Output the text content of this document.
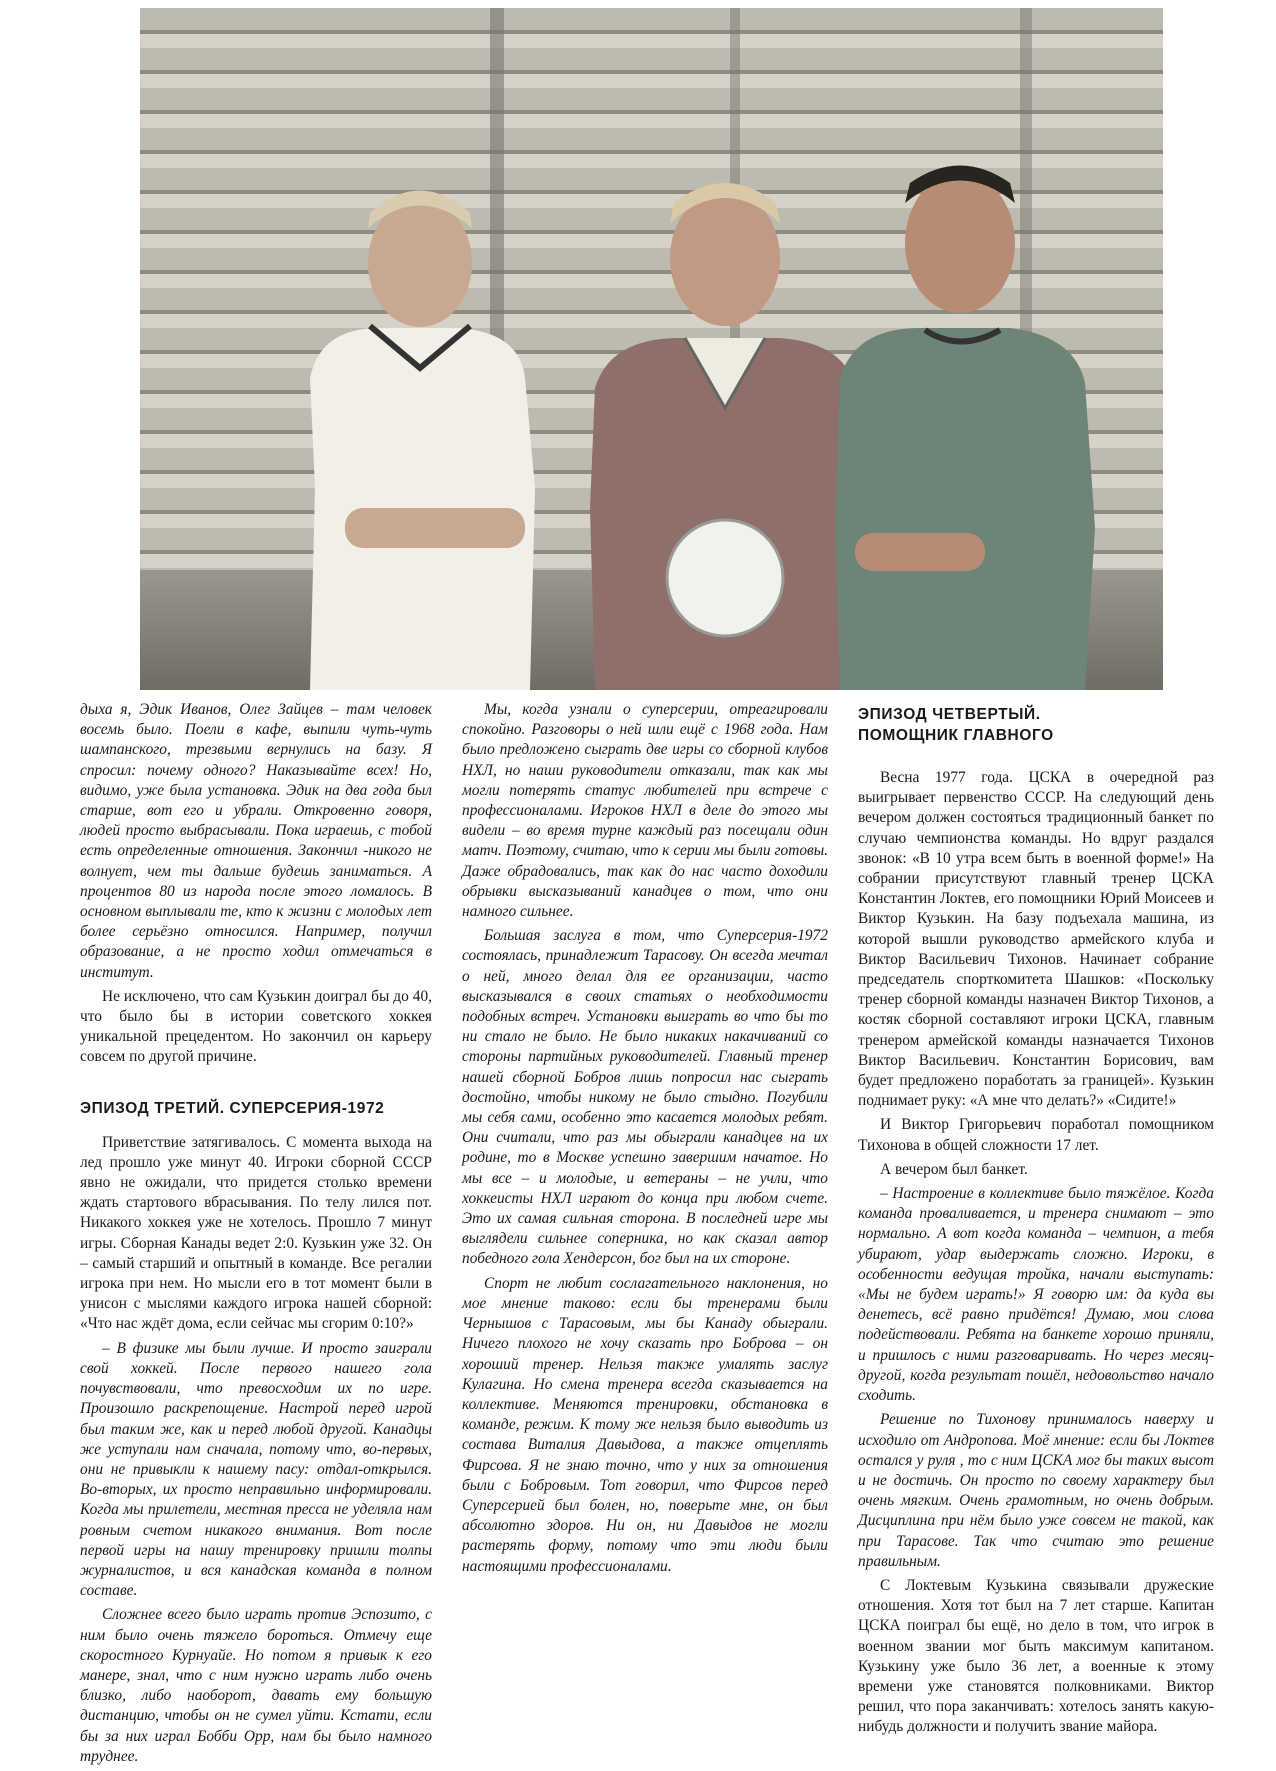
дыха я, Эдик Иванов, Олег Зайцев – там человек восемь было. Поели в кафе, выпили чуть-чуть шампанского, трезвыми вернулись на базу. Я спросил: почему одного? Наказывайте всех! Но, видимо, уже была установка. Эдик на два года был старше, вот его и убрали. Откровенно говоря, людей просто выбрасывали. Пока играешь, с тобой есть определенные отношения. Закончил -никого не волнует, чем ты дальше будешь заниматься. А процентов 80 из народа после этого ломалось. В основном выплывали те, кто к жизни с молодых лет более серьёзно относился. Например, получил образование, а не просто ходил отмечаться в институт.

Не исключено, что сам Кузькин доиграл бы до 40, что было бы в истории советского хоккея уникальной прецедентом. Но закончил он карьеру совсем по другой причине.

ЭПИЗОД ТРЕТИЙ. СУПЕРСЕРИЯ-1972

Приветствие затягивалось. С момента выхода на лед прошло уже минут 40. Игроки сборной СССР явно не ожидали, что придется столько времени ждать стартового вбрасывания. По телу лился пот. Никакого хоккея уже не хотелось. Прошло 7 минут игры. Сборная Канады ведет 2:0. Кузькин уже 32. Он – самый старший и опытный в команде. Все регалии игрока при нем. Но мысли его в тот момент были в унисон с мыслями каждого игрока нашей сборной: «Что нас ждёт дома, если сейчас мы сгорим 0:10?»

– В физике мы были лучше. И просто заиграли свой хоккей. После первого нашего гола почувствовали, что превосходим их по игре. Произошло раскрепощение. Настрой перед игрой был таким же, как и перед любой другой. Канадцы же уступали нам сначала, потому что, во-первых, они не привыкли к нашему пасу: отдал-открылся. Во-вторых, их просто неправильно информировали. Когда мы прилетели, местная пресса не уделяла нам ровным счетом никакого внимания. Вот после первой игры на нашу тренировку пришли толпы журналистов, и вся канадская команда в полном составе.

Сложнее всего было играть против Эспозито, с ним было очень тяжело бороться. Отмечу еще скоростного Курнуайе. Но потом я привык к его манере, знал, что с ним нужно играть либо очень близко, либо наоборот, давать ему большую дистанцию, чтобы он не сумел уйти. Кстати, если бы за них играл Бобби Орр, нам бы было намного труднее.

Мы, когда узнали о суперсерии, отреагировали спокойно. Разговоры о ней шли ещё с 1968 года. Нам было предложено сыграть две игры со сборной клубов НХЛ, но наши руководители отказали, так как мы могли потерять статус любителей при встрече с профессионалами. Игроков НХЛ в деле до этого мы видели – во время турне каждый раз посещали один матч. Поэтому, считаю, что к серии мы были готовы. Даже обрадовались, так как до нас часто доходили обрывки высказываний канадцев о том, что они намного сильнее.

Большая заслуга в том, что Суперсерия-1972 состоялась, принадлежит Тарасову. Он всегда мечтал о ней, много делал для ее организации, часто высказывался в своих статьях о необходимости подобных встреч. Установки выиграть во что бы то ни стало не было. Не было никаких накачиваний со стороны партийных руководителей. Главный тренер нашей сборной Бобров лишь попросил нас сыграть достойно, чтобы никому не было стыдно. Погубили мы себя сами, особенно это касается молодых ребят. Они считали, что раз мы обыграли канадцев на их родине, то в Москве успешно завершим начатое. Но мы все – и молодые, и ветераны – не учли, что хоккеисты НХЛ играют до конца при любом счете. Это их самая сильная сторона. В последней игре мы выглядели сильнее соперника, но как сказал автор победного гола Хендерсон, бог был на их стороне.

Спорт не любит сослагательного наклонения, но мое мнение таково: если бы тренерами были Чернышов с Тарасовым, мы бы Канаду обыграли. Ничего плохого не хочу сказать про Боброва – он хороший тренер. Нельзя также умалять заслуг Кулагина. Но смена тренера всегда сказывается на коллективе. Меняются тренировки, обстановка в команде, режим. К тому же нельзя было выводить из состава Виталия Давыдова, а также отцеплять Фирсова. Я не знаю точно, что у них за отношения были с Бобровым. Тот говорил, что Фирсов перед Суперсерией был болен, но, поверьте мне, он был абсолютно здоров. Ни он, ни Давыдов не могли растерять форму, потому что эти люди были настоящими профессионалами.

ЭПИЗОД ЧЕТВЕРТЫЙ.
ПОМОЩНИК ГЛАВНОГО

Весна 1977 года. ЦСКА в очередной раз выигрывает первенство СССР. На следующий день вечером должен состояться традиционный банкет по случаю чемпионства команды. Но вдруг раздался звонок: «В 10 утра всем быть в военной форме!» На собрании присутствуют главный тренер ЦСКА Константин Локтев, его помощники Юрий Моисеев и Виктор Кузькин. На базу подъехала машина, из которой вышли руководство армейского клуба и Виктор Васильевич Тихонов. Начинает собрание председатель спорткомитета Шашков: «Поскольку тренер сборной команды назначен Виктор Тихонов, а костяк сборной составляют игроки ЦСКА, главным тренером армейской команды назначается Тихонов Виктор Васильевич. Константин Борисович, вам будет предложено поработать за границей». Кузькин поднимает руку: «А мне что делать?» «Сидите!»

И Виктор Григорьевич поработал помощником Тихонова в общей сложности 17 лет.

А вечером был банкет.

– Настроение в коллективе было тяжёлое. Когда команда проваливается, и тренера снимают – это нормально. А вот когда команда – чемпион, а тебя убирают, удар выдержать сложно. Игроки, в особенности ведущая тройка, начали выступать: «Мы не будем играть!» Я говорю им: да куда вы денетесь, всё равно придётся! Думаю, мои слова подействовали. Ребята на банкете хорошо приняли, и пришлось с ними разговаривать. Но через месяц-другой, когда результат пошёл, недовольство начало сходить.

Решение по Тихонову принималось наверху и исходило от Андропова. Моё мнение: если бы Локтев остался у руля , то с ним ЦСКА мог бы таких высот и не достичь. Он просто по своему характеру был очень мягким. Очень грамотным, но очень добрым. Дисциплина при нём было уже совсем не такой, как при Тарасове. Так что считаю это решение правильным.

С Локтевым Кузькина связывали дружеские отношения. Хотя тот был на 7 лет старше. Капитан ЦСКА поиграл бы ещё, но дело в том, что игрок в военном звании мог быть максимум капитаном. Кузькину уже было 36 лет, а военные к этому времени уже становятся полковниками. Виктор решил, что пора заканчивать: хотелось занять какую-нибудь должности и получить звание майора.
